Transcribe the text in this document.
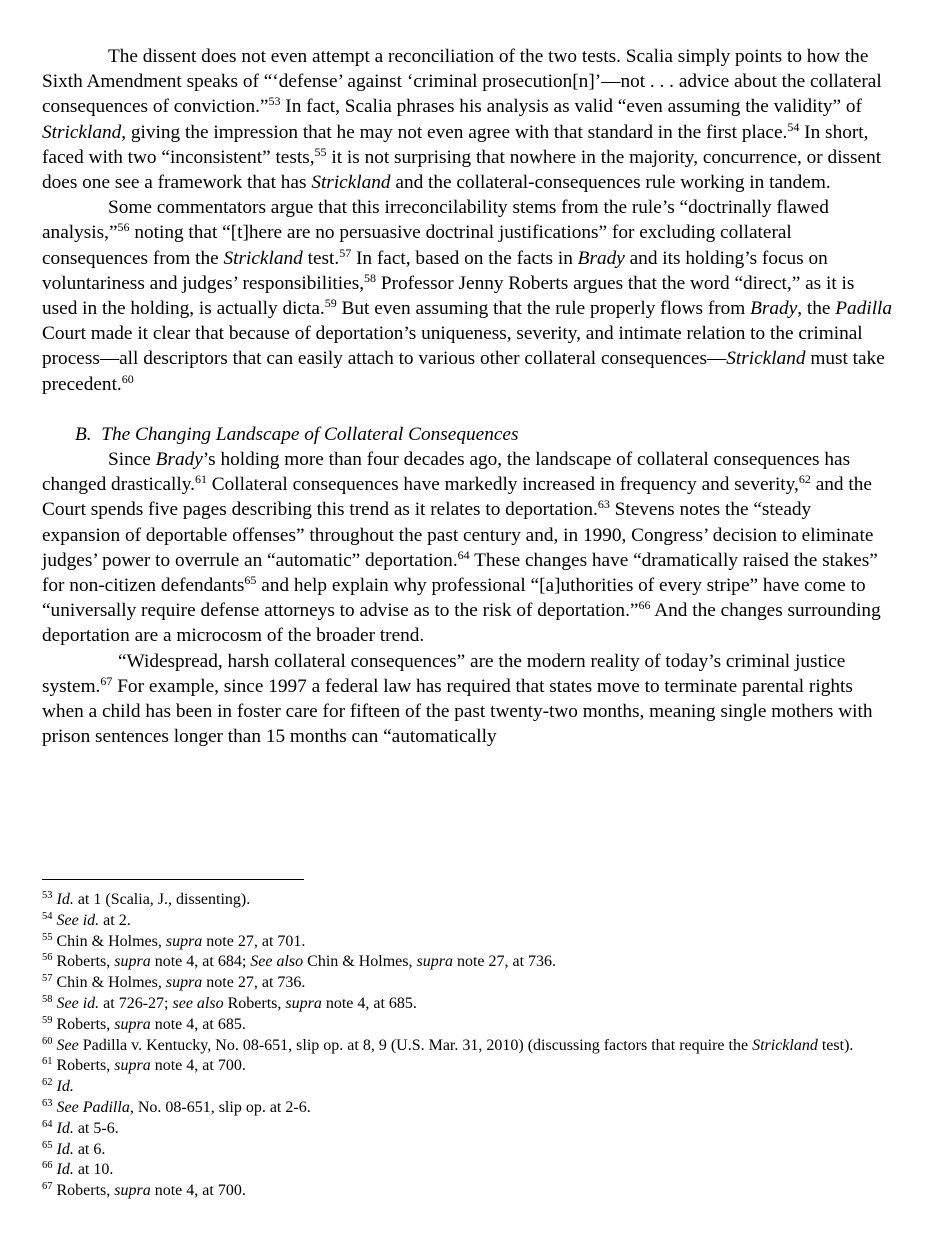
The dissent does not even attempt a reconciliation of the two tests. Scalia simply points to how the Sixth Amendment speaks of “‘defense’ against ‘criminal prosecution[n]’—not . . . advice about the collateral consequences of conviction.”$^{53}$ In fact, Scalia phrases his analysis as valid “even assuming the validity” of Strickland, giving the impression that he may not even agree with that standard in the first place.$^{54}$ In short, faced with two “inconsistent” tests,$^{55}$ it is not surprising that nowhere in the majority, concurrence, or dissent does one see a framework that has Strickland and the collateral-consequences rule working in tandem.

Some commentators argue that this irreconcilability stems from the rule’s “doctrinally flawed analysis,”$^{56}$ noting that “[t]here are no persuasive doctrinal justifications” for excluding collateral consequences from the Strickland test.$^{57}$ In fact, based on the facts in Brady and its holding’s focus on voluntariness and judges’ responsibilities,$^{58}$ Professor Jenny Roberts argues that the word “direct,” as it is used in the holding, is actually dicta.$^{59}$ But even assuming that the rule properly flows from Brady, the Padilla Court made it clear that because of deportation’s uniqueness, severity, and intimate relation to the criminal process—all descriptors that can easily attach to various other collateral consequences—Strickland must take precedent.$^{60}$

B. The Changing Landscape of Collateral Consequences

Since Brady’s holding more than four decades ago, the landscape of collateral consequences has changed drastically.$^{61}$ Collateral consequences have markedly increased in frequency and severity,$^{62}$ and the Court spends five pages describing this trend as it relates to deportation.$^{63}$ Stevens notes the “steady expansion of deportable offenses” throughout the past century and, in 1990, Congress’ decision to eliminate judges’ power to overrule an “automatic” deportation.$^{64}$ These changes have “dramatically raised the stakes” for non-citizen defendants$^{65}$ and help explain why professional “[a]uthorities of every stripe” have come to “universally require defense attorneys to advise as to the risk of deportation.”$^{66}$ And the changes surrounding deportation are a microcosm of the broader trend.

“Widespread, harsh collateral consequences” are the modern reality of today’s criminal justice system.$^{67}$ For example, since 1997 a federal law has required that states move to terminate parental rights when a child has been in foster care for fifteen of the past twenty-two months, meaning single mothers with prison sentences longer than 15 months can “automatically

$^{53}$ Id. at 1 (Scalia, J., dissenting).

$^{54}$ See id. at 2.

$^{55}$ Chin & Holmes, supra note 27, at 701.

$^{56}$ Roberts, supra note 4, at 684; See also Chin & Holmes, supra note 27, at 736.

$^{57}$ Chin & Holmes, supra note 27, at 736.

$^{58}$ See id. at 726-27; see also Roberts, supra note 4, at 685.

$^{59}$ Roberts, supra note 4, at 685.

$^{60}$ See Padilla v. Kentucky, No. 08-651, slip op. at 8, 9 (U.S. Mar. 31, 2010) (discussing factors that require the Strickland test).

$^{61}$ Roberts, supra note 4, at 700.

$^{62}$ Id.

$^{63}$ See Padilla, No. 08-651, slip op. at 2-6.

$^{64}$ Id. at 5-6.

$^{65}$ Id. at 6.

$^{66}$ Id. at 10.

$^{67}$ Roberts, supra note 4, at 700.
